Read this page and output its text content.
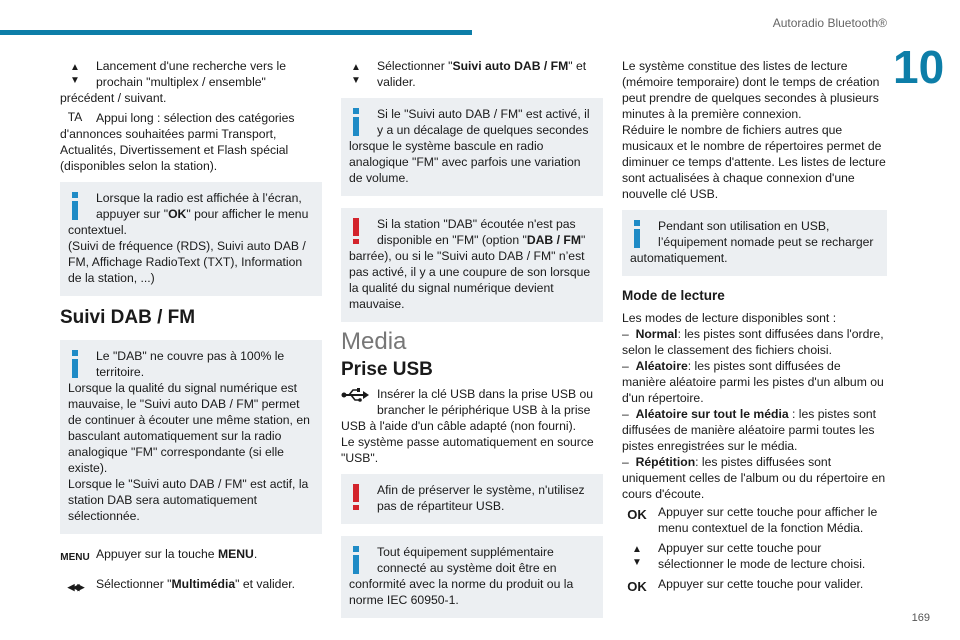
Autoradio Bluetooth®
10
169
▲
▼

Lancement d'une recherche vers le prochain "multiplex / ensemble" précédent / suivant.

TA	Appui long : sélection des catégories d'annonces souhaitées parmi Transport, Actualités, Divertissement et Flash spécial (disponibles selon la station).

Lorsque la radio est affichée à l’écran, appuyer sur "OK" pour afficher le menu contextuel.

(Suivi de fréquence (RDS), Suivi auto DAB / FM, Affichage RadioText (TXT), Information de la station, ...)

Suivi DAB / FM

Le "DAB" ne couvre pas à 100% le territoire.

Lorsque la qualité du signal numérique est mauvaise, le "Suivi auto DAB / FM" permet de continuer à écouter une même station, en basculant automatiquement sur la radio analogique "FM" correspondante (si elle existe).

Lorsque le "Suivi auto DAB / FM" est actif, la station DAB sera automatiquement sélectionnée.

MENU Appuyer sur la touche MENU.

◀◀▶	Sélectionner "Multimédia" et valider.

▲
▼

Sélectionner "Suivi auto DAB / FM" et valider.

Si le "Suivi auto DAB / FM" est activé, il y a un décalage de quelques secondes lorsque le système bascule en radio analogique "FM" avec parfois une variation de volume.

Si la station "DAB" écoutée n'est pas disponible en "FM" (option "DAB / FM" barrée), ou si le "Suivi auto DAB / FM" n’est pas activé, il y a une coupure de son lorsque la qualité du signal numérique devient mauvaise.

Media
Prise USB

Insérer la clé USB dans la prise USB ou brancher le périphérique USB à la prise USB à l'aide d'un câble adapté (non fourni).

Le système passe automatiquement en source "USB".

Afin de préserver le système, n'utilisez pas de répartiteur USB.

Tout équipement supplémentaire connecté au système doit être en conformité avec la norme du produit ou la norme IEC 60950-1.

Le système constitue des listes de lecture (mémoire temporaire) dont le temps de création peut prendre de quelques secondes à plusieurs minutes à la première connexion.

Réduire le nombre de fichiers autres que musicaux et le nombre de répertoires permet de diminuer ce temps d'attente. Les listes de lecture sont actualisées à chaque connexion d'une nouvelle clé USB.

Pendant son utilisation en USB, l’équipement nomade peut se recharger automatiquement.

Mode de lecture

Les modes de lecture disponibles sont :

– Normal: les pistes sont diffusées dans l'ordre, selon le classement des fichiers choisi.

– Aléatoire: les pistes sont diffusées de manière aléatoire parmi les pistes d'un album ou d'un répertoire.

– Aléatoire sur tout le média : les pistes sont diffusées de manière aléatoire parmi toutes les pistes enregistrées sur le média.

– Répétition: les pistes diffusées sont uniquement celles de l'album ou du répertoire en cours d'écoute.

OK Appuyer sur cette touche pour afficher le menu contextuel de la fonction Média.

▲
▼

Appuyer sur cette touche pour sélectionner le mode de lecture choisi.

OK Appuyer sur cette touche pour valider.
